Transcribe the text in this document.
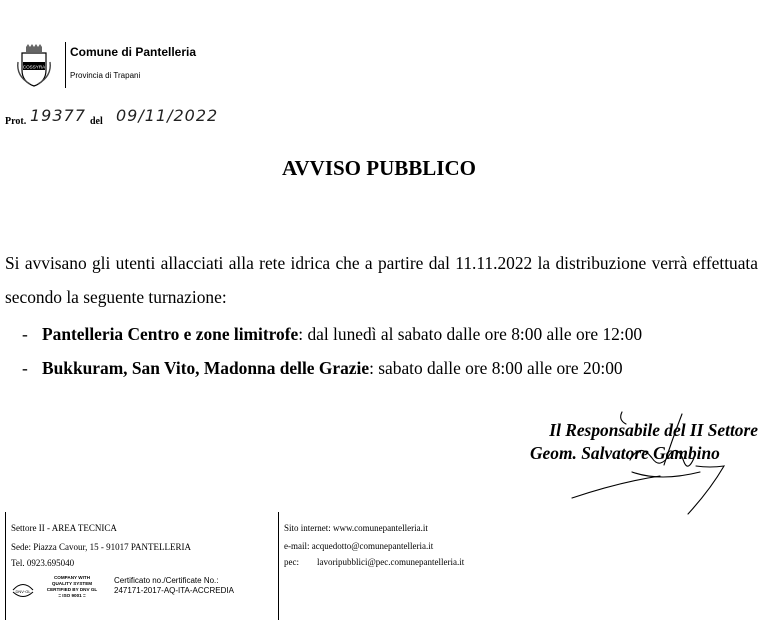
COSSYRA
Comune di Pantelleria
Provincia di Trapani
Prot. 19377 del 09/11/2022
AVVISO PUBBLICO
Si avvisano gli utenti allacciati alla rete idrica che a partire dal 11.11.2022 la distribuzione verrà effettuata secondo la seguente turnazione:
- Pantelleria Centro e zone limitrofe: dal lunedì al sabato dalle ore 8:00 alle ore 12:00
- Bukkuram, San Vito, Madonna delle Grazie: sabato dalle ore 8:00 alle ore 20:00
Il Responsabile del II Settore
Geom. Salvatore Gambino
Settore II - AREA TECNICA
Sede: Piazza Cavour, 15 - 91017 PANTELLERIA
Tel. 0923.695040
Sito internet: www.comunepantelleria.it
e-mail: acquedotto@comunepantelleria.it
pec: lavoripubblici@pec.comunepantelleria.it
DNV·GL
COMPANY WITH
QUALITY SYSTEM
CERTIFIED BY DNV GL
= ISO 9001 =
Certificato no./Certificate No.:
247171-2017-AQ-ITA-ACCREDIA
